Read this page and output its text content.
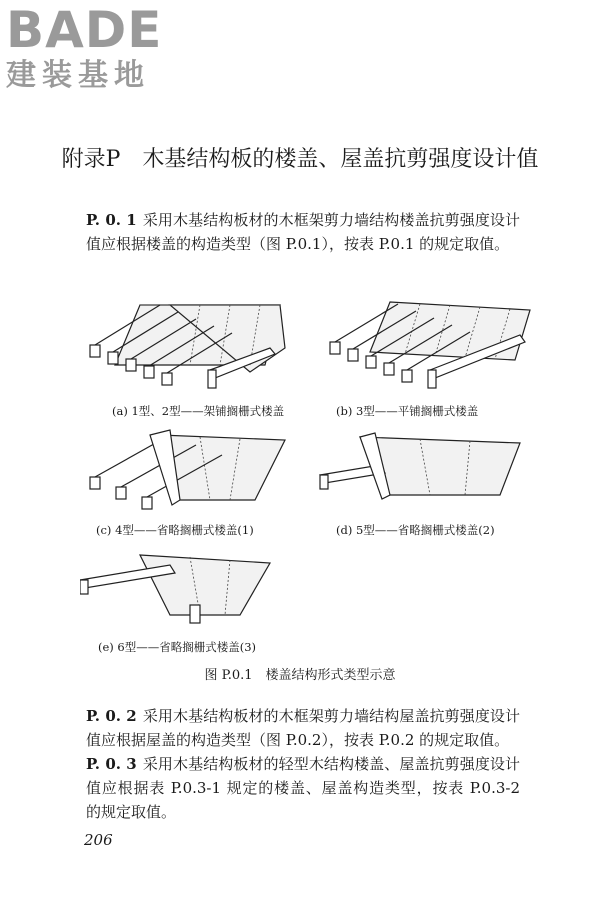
BADE
建装基地
附录P　木基结构板的楼盖、屋盖抗剪强度设计值

P. 0. 1 采用木基结构板材的木框架剪力墙结构楼盖抗剪强度设计值应根据楼盖的构造类型（图 P.0.1），按表 P.0.1 的规定取值。

(a) 1型、2型——架铺搁栅式楼盖	(b) 3型——平铺搁栅式楼盖
(c) 4型——省略搁栅式楼盖(1)	(d) 5型——省略搁栅式楼盖(2)
(e) 6型——省略搁栅式楼盖(3)
图 P.0.1　楼盖结构形式类型示意

P. 0. 2 采用木基结构板材的木框架剪力墙结构屋盖抗剪强度设计值应根据屋盖的构造类型（图 P.0.2），按表 P.0.2 的规定取值。

P. 0. 3 采用木基结构板材的轻型木结构楼盖、屋盖抗剪强度设计值应根据表 P.0.3-1 规定的楼盖、屋盖构造类型，按表 P.0.3-2 的规定取值。

206
